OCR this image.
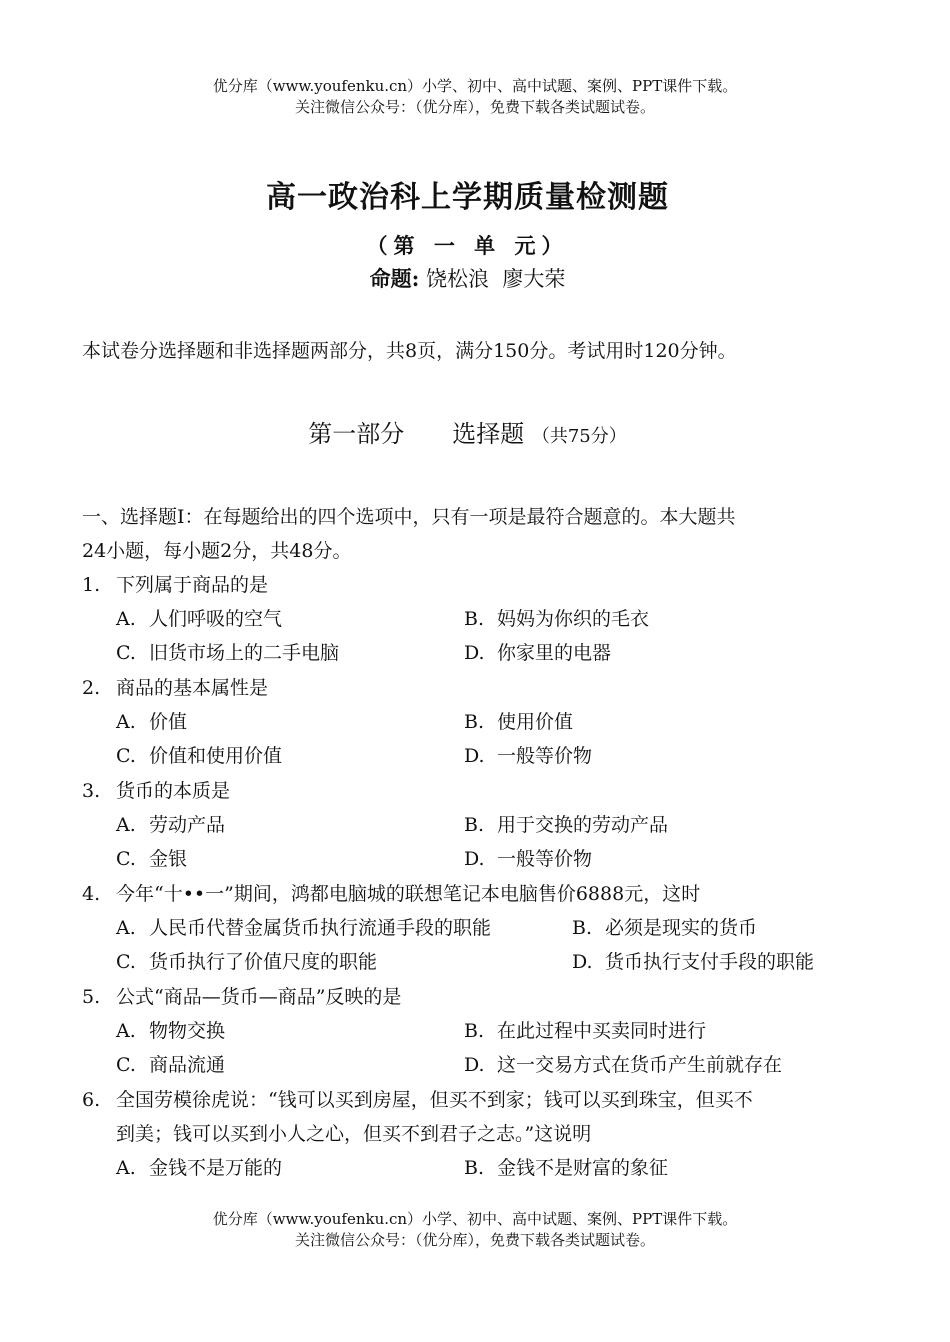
优分库（www.youfenku.cn）小学、初中、高中试题、案例、PPT课件下载。
关注微信公众号：（优分库），免费下载各类试题试卷。
高一政治科上学期质量检测题
（第 一 单 元）
命题: 饶松浪  廖大荣
本试卷分选择题和非选择题两部分，共8页，满分150分。考试用时120分钟。
第一部分　　选择题 （共75分）
一、选择题Ⅰ：在每题给出的四个选项中，只有一项是最符合题意的。本大题共
24小题，每小题2分，共48分。
1. 下列属于商品的是
A. 人们呼吸的空气	B. 妈妈为你织的毛衣
C. 旧货市场上的二手电脑	D. 你家里的电器
2. 商品的基本属性是
A. 价值	B. 使用价值
C. 价值和使用价值	D. 一般等价物
3. 货币的本质是
A. 劳动产品	B. 用于交换的劳动产品
C. 金银	D. 一般等价物
4. 今年“十••一”期间，鸿都电脑城的联想笔记本电脑售价6888元，这时
A. 人民币代替金属货币执行流通手段的职能	B. 必须是现实的货币
C. 货币执行了价值尺度的职能	D. 货币执行支付手段的职能
5. 公式“商品—货币—商品”反映的是
A. 物物交换	B. 在此过程中买卖同时进行
C. 商品流通	D. 这一交易方式在货币产生前就存在
6. 全国劳模徐虎说：“钱可以买到房屋，但买不到家；钱可以买到珠宝，但买不
到美；钱可以买到小人之心，但买不到君子之志。”这说明
A. 金钱不是万能的	B. 金钱不是财富的象征
优分库（www.youfenku.cn）小学、初中、高中试题、案例、PPT课件下载。
关注微信公众号：（优分库），免费下载各类试题试卷。
